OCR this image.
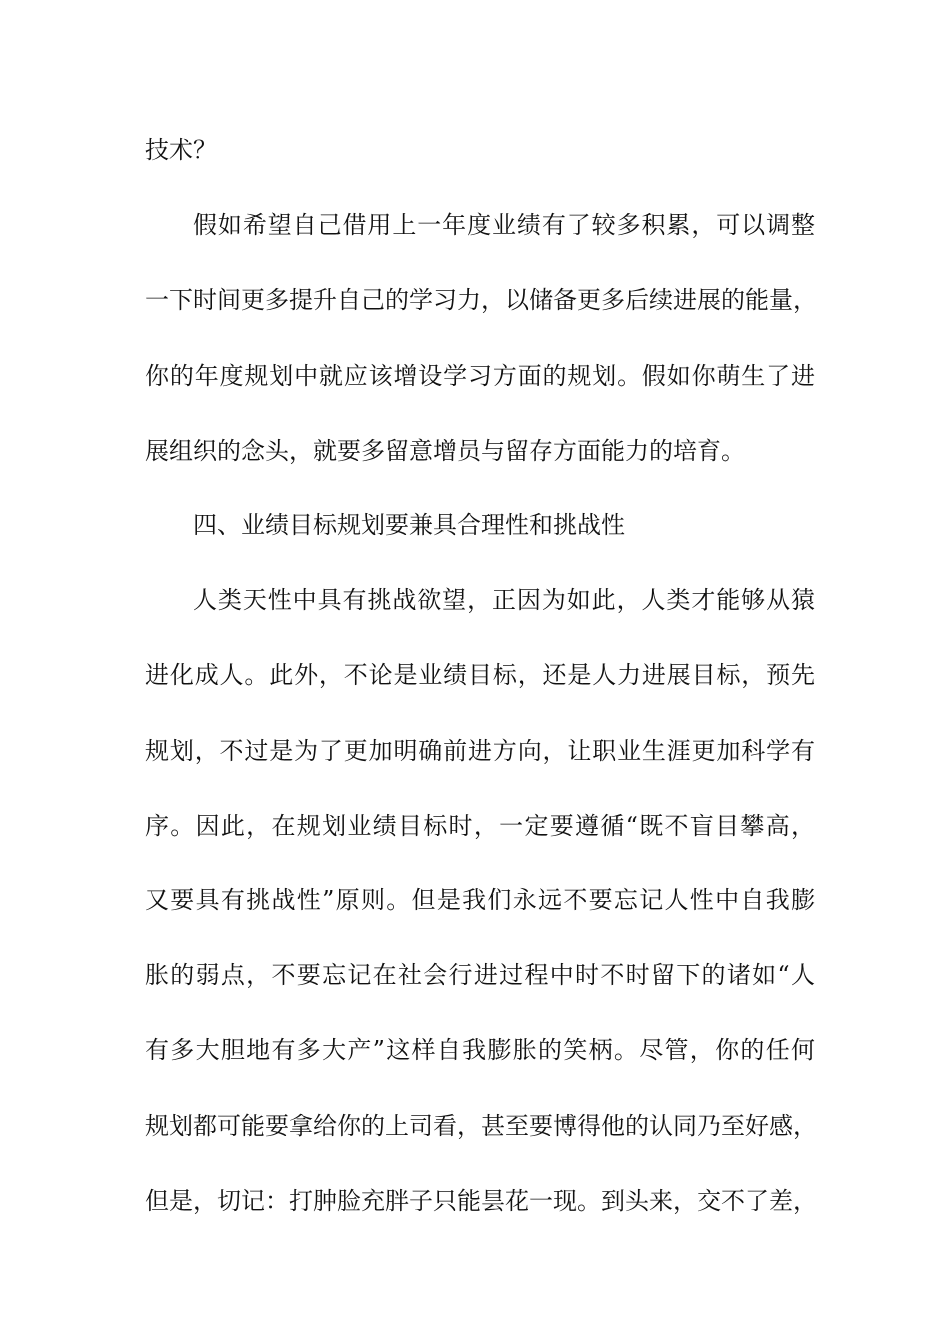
技术？
假如希望自己借用上一年度业绩有了较多积累，可以调整
一下时间更多提升自己的学习力，以储备更多后续进展的能量，
你的年度规划中就应该增设学习方面的规划。假如你萌生了进
展组织的念头，就要多留意增员与留存方面能力的培育。
四、业绩目标规划要兼具合理性和挑战性
人类天性中具有挑战欲望，正因为如此，人类才能够从猿
进化成人。此外，不论是业绩目标，还是人力进展目标，预先
规划，不过是为了更加明确前进方向，让职业生涯更加科学有
序。因此，在规划业绩目标时，一定要遵循“既不盲目攀高，
又要具有挑战性”原则。但是我们永远不要忘记人性中自我膨
胀的弱点，不要忘记在社会行进过程中时不时留下的诸如“人
有多大胆地有多大产”这样自我膨胀的笑柄。尽管，你的任何
规划都可能要拿给你的上司看，甚至要博得他的认同乃至好感，
但是，切记：打肿脸充胖子只能昙花一现。到头来，交不了差，
